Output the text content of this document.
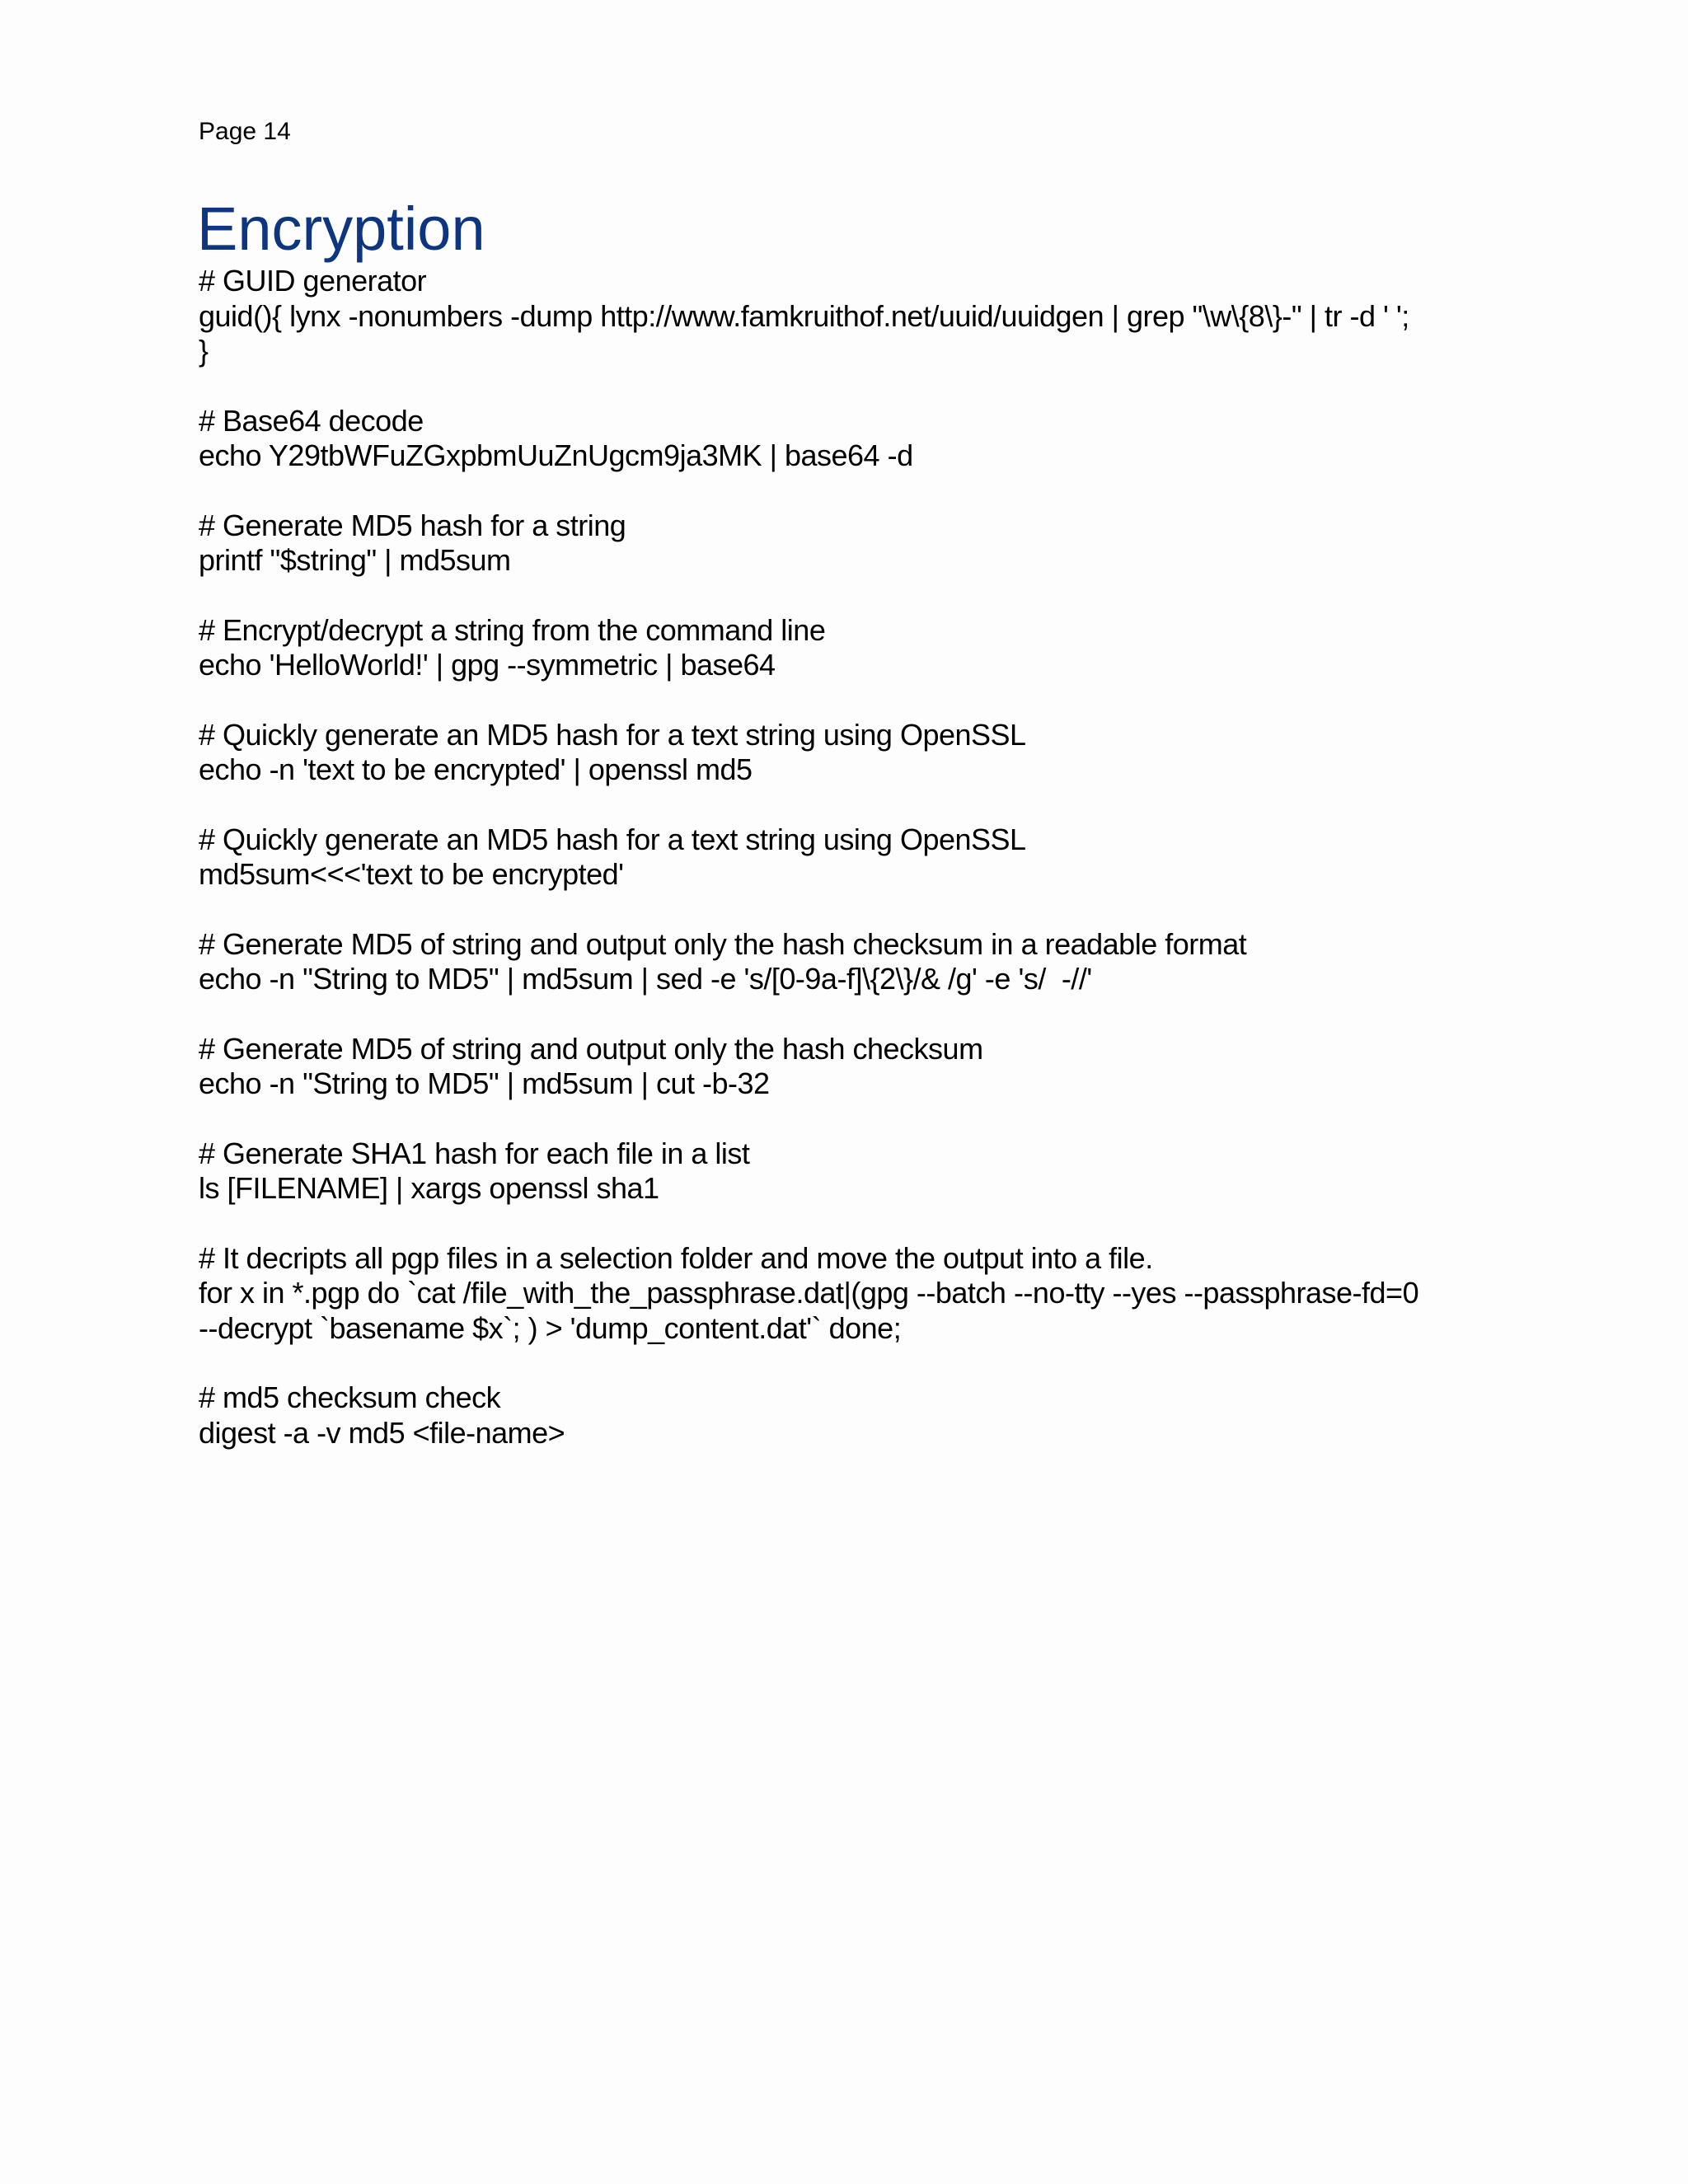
Page 14
Encryption
# GUID generator
guid(){ lynx -nonumbers -dump http://www.famkruithof.net/uuid/uuidgen | grep "\w\{8\}-" | tr -d ' ';
}
# Base64 decode
echo Y29tbWFuZGxpbmUuZnUgcm9ja3MK | base64 -d
# Generate MD5 hash for a string
printf "$string" | md5sum
# Encrypt/decrypt a string from the command line
echo 'HelloWorld!' | gpg --symmetric | base64
# Quickly generate an MD5 hash for a text string using OpenSSL
echo -n 'text to be encrypted' | openssl md5
# Quickly generate an MD5 hash for a text string using OpenSSL
md5sum<<<'text to be encrypted'
# Generate MD5 of string and output only the hash checksum in a readable format
echo -n "String to MD5" | md5sum | sed -e 's/[0-9a-f]\{2\}/& /g' -e 's/  -//'
# Generate MD5 of string and output only the hash checksum
echo -n "String to MD5" | md5sum | cut -b-32
# Generate SHA1 hash for each file in a list
ls [FILENAME] | xargs openssl sha1
# It decripts all pgp files in a selection folder and move the output into a file.
for x in *.pgp do `cat /file_with_the_passphrase.dat|(gpg --batch --no-tty --yes --passphrase-fd=0
--decrypt `basename $x`; ) > 'dump_content.dat'` done;
# md5 checksum check
digest -a -v md5 <file-name>
